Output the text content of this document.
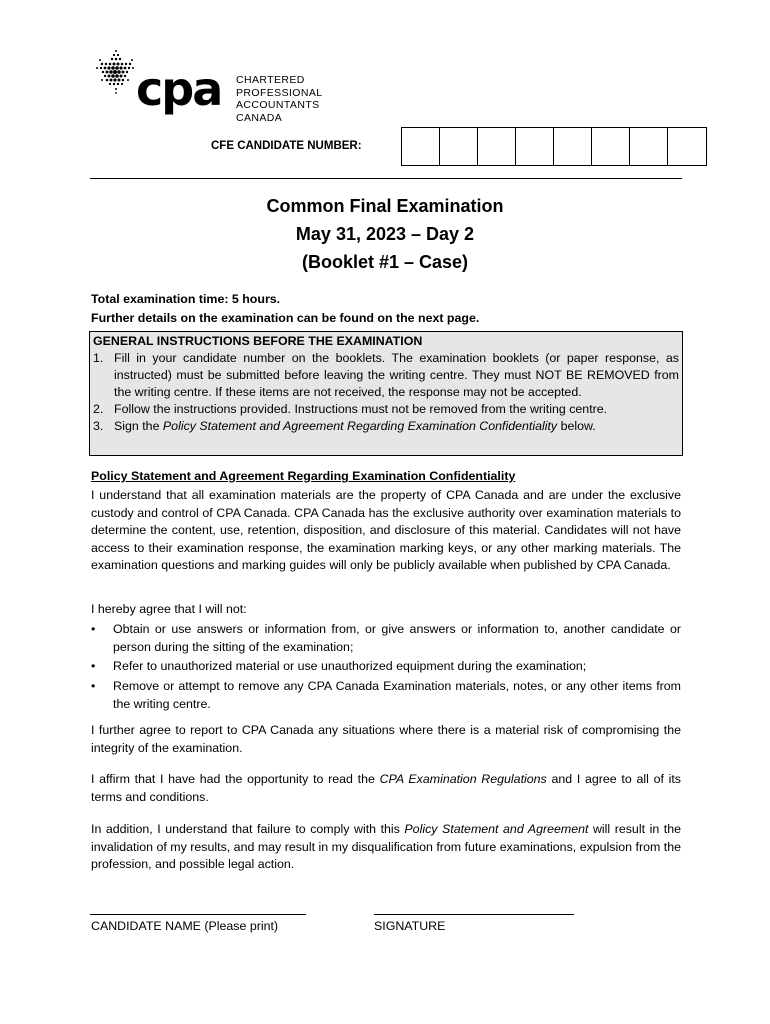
cpa CHARTERED
PROFESSIONAL
ACCOUNTANTS
CANADA
CFE CANDIDATE NUMBER:
Common Final Examination
May 31, 2023 – Day 2
(Booklet #1 – Case)
Total examination time: 5 hours.
Further details on the examination can be found on the next page.
GENERAL INSTRUCTIONS BEFORE THE EXAMINATION
1. Fill in your candidate number on the booklets. The examination booklets (or paper response, as instructed) must be submitted before leaving the writing centre. They must NOT BE REMOVED from the writing centre. If these items are not received, the response may not be accepted.
2. Follow the instructions provided. Instructions must not be removed from the writing centre.
3. Sign the Policy Statement and Agreement Regarding Examination Confidentiality below.
Policy Statement and Agreement Regarding Examination Confidentiality
I understand that all examination materials are the property of CPA Canada and are under the exclusive custody and control of CPA Canada. CPA Canada has the exclusive authority over examination materials to determine the content, use, retention, disposition, and disclosure of this material. Candidates will not have access to their examination response, the examination marking keys, or any other marking materials. The examination questions and marking guides will only be publicly available when published by CPA Canada.
I hereby agree that I will not:
•	Obtain or use answers or information from, or give answers or information to, another candidate or person during the sitting of the examination;
•	Refer to unauthorized material or use unauthorized equipment during the examination;
•	Remove or attempt to remove any CPA Canada Examination materials, notes, or any other items from the writing centre.
I further agree to report to CPA Canada any situations where there is a material risk of compromising the integrity of the examination.
I affirm that I have had the opportunity to read the CPA Examination Regulations and I agree to all of its terms and conditions.
In addition, I understand that failure to comply with this Policy Statement and Agreement will result in the invalidation of my results, and may result in my disqualification from future examinations, expulsion from the profession, and possible legal action.
CANDIDATE NAME (Please print)	SIGNATURE
